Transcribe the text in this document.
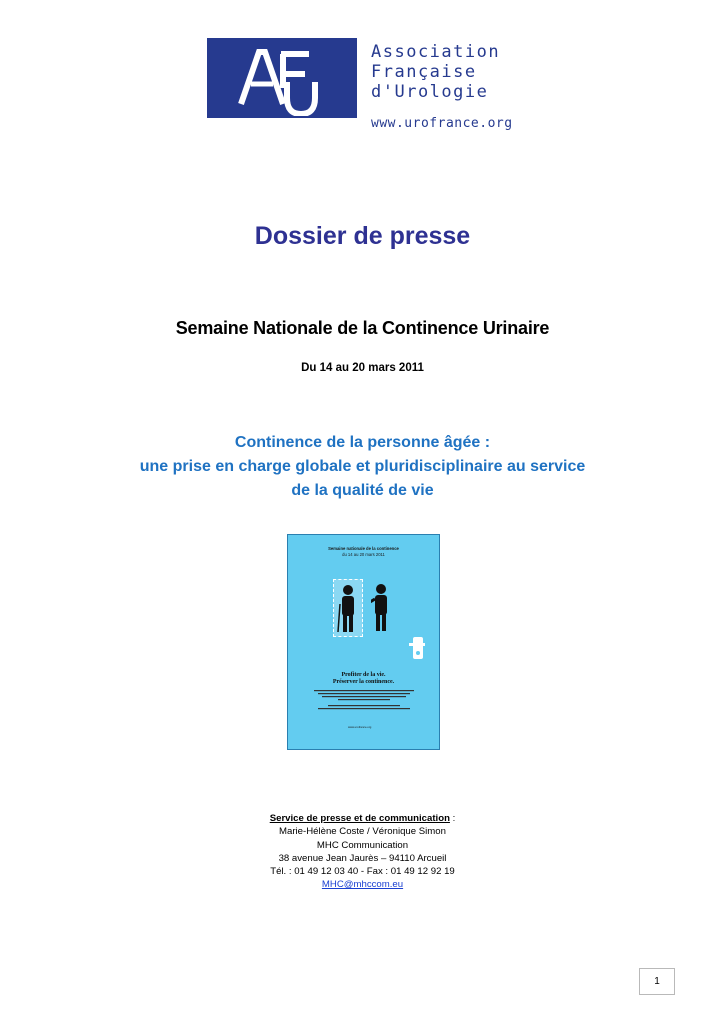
Association
Française
d'Urologie
www.urofrance.org
Dossier de presse
Semaine Nationale de la Continence Urinaire
Du 14 au 20 mars 2011
Continence de la personne âgée :
une prise en charge globale et pluridisciplinaire au service
de la qualité de vie
Semaine nationale de la continence
du 14 au 20 mars 2011
Profiter de la vie.
Préserver la continence.
www.urofrance.org
Service de presse et de communication :
Marie-Hélène Coste / Véronique Simon
MHC Communication
38 avenue Jean Jaurès – 94110 Arcueil
Tél. : 01 49 12 03 40 - Fax : 01 49 12 92 19
MHC@mhccom.eu
1
